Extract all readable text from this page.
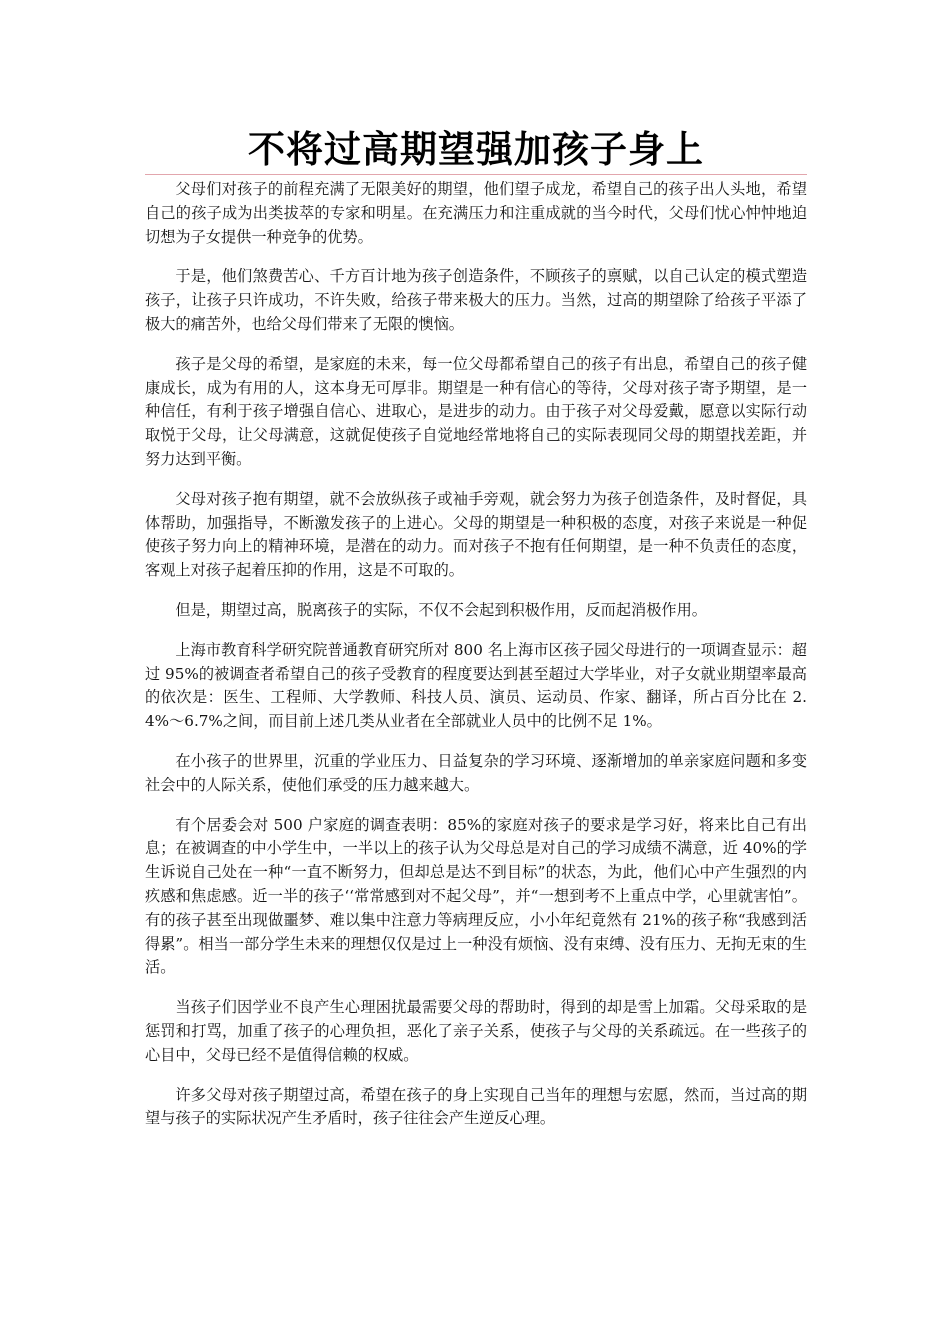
不将过高期望强加孩子身上

父母们对孩子的前程充满了无限美好的期望，他们望子成龙，希望自己的孩子出人头地，希望自己的孩子成为出类拔萃的专家和明星。在充满压力和注重成就的当今时代，父母们忧心忡忡地迫切想为子女提供一种竞争的优势。

于是，他们煞费苦心、千方百计地为孩子创造条件，不顾孩子的禀赋，以自己认定的模式塑造孩子，让孩子只许成功，不许失败，给孩子带来极大的压力。当然，过高的期望除了给孩子平添了极大的痛苦外，也给父母们带来了无限的懊恼。

孩子是父母的希望，是家庭的未来，每一位父母都希望自己的孩子有出息，希望自己的孩子健康成长，成为有用的人，这本身无可厚非。期望是一种有信心的等待，父母对孩子寄予期望，是一种信任，有利于孩子增强自信心、进取心，是进步的动力。由于孩子对父母爱戴，愿意以实际行动取悦于父母，让父母满意，这就促使孩子自觉地经常地将自己的实际表现同父母的期望找差距，并努力达到平衡。

父母对孩子抱有期望，就不会放纵孩子或袖手旁观，就会努力为孩子创造条件，及时督促，具体帮助，加强指导，不断激发孩子的上进心。父母的期望是一种积极的态度，对孩子来说是一种促使孩子努力向上的精神环境，是潜在的动力。而对孩子不抱有任何期望，是一种不负责任的态度，客观上对孩子起着压抑的作用，这是不可取的。

但是，期望过高，脱离孩子的实际，不仅不会起到积极作用，反而起消极作用。

上海市教育科学研究院普通教育研究所对 800 名上海市区孩子园父母进行的一项调查显示：超过 95%的被调查者希望自己的孩子受教育的程度要达到甚至超过大学毕业，对子女就业期望率最高的依次是：医生、工程师、大学教师、科技人员、演员、运动员、作家、翻译，所占百分比在 2.4%～6.7%之间，而目前上述几类从业者在全部就业人员中的比例不足 1%。

在小孩子的世界里，沉重的学业压力、日益复杂的学习环境、逐渐增加的单亲家庭问题和多变社会中的人际关系，使他们承受的压力越来越大。

有个居委会对 500 户家庭的调查表明：85%的家庭对孩子的要求是学习好，将来比自己有出息；在被调查的中小学生中，一半以上的孩子认为父母总是对自己的学习成绩不满意，近 40%的学生诉说自己处在一种“一直不断努力，但却总是达不到目标”的状态，为此，他们心中产生强烈的内疚感和焦虑感。近一半的孩子‘‘常常感到对不起父母”，并“一想到考不上重点中学，心里就害怕”。有的孩子甚至出现做噩梦、难以集中注意力等病理反应，小小年纪竟然有 21%的孩子称“我感到活得累”。相当一部分学生未来的理想仅仅是过上一种没有烦恼、没有束缚、没有压力、无拘无束的生活。

当孩子们因学业不良产生心理困扰最需要父母的帮助时，得到的却是雪上加霜。父母采取的是惩罚和打骂，加重了孩子的心理负担，恶化了亲子关系，使孩子与父母的关系疏远。在一些孩子的心目中，父母已经不是值得信赖的权威。

许多父母对孩子期望过高，希望在孩子的身上实现自己当年的理想与宏愿，然而，当过高的期望与孩子的实际状况产生矛盾时，孩子往往会产生逆反心理。
